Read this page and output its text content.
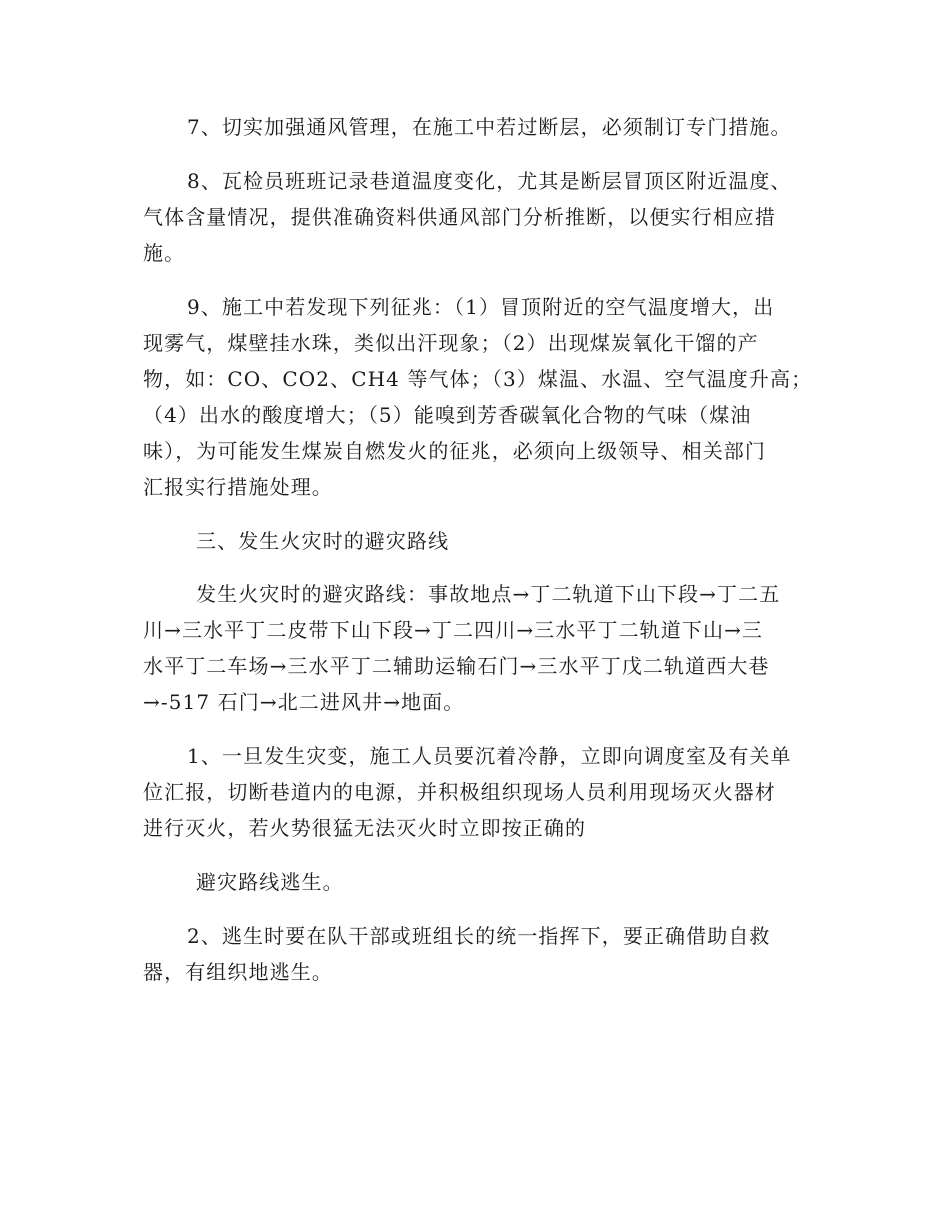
7、切实加强通风管理，在施工中若过断层，必须制订专门措施。
8、瓦检员班班记录巷道温度变化，尤其是断层冒顶区附近温度、
气体含量情况，提供准确资料供通风部门分析推断，以便实行相应措
施。
9、施工中若发现下列征兆：（1）冒顶附近的空气温度增大，出
现雾气，煤壁挂水珠，类似出汗现象；（2）出现煤炭氧化干馏的产
物，如：CO、CO2、CH4 等气体；（3）煤温、水温、空气温度升高；
（4）出水的酸度增大；（5）能嗅到芳香碳氧化合物的气味（煤油
味），为可能发生煤炭自燃发火的征兆，必须向上级领导、相关部门
汇报实行措施处理。
三、发生火灾时的避灾路线
发生火灾时的避灾路线：事故地点→丁二轨道下山下段→丁二五
川→三水平丁二皮带下山下段→丁二四川→三水平丁二轨道下山→三
水平丁二车场→三水平丁二辅助运输石门→三水平丁戊二轨道西大巷
→-517 石门→北二进风井→地面。
1、一旦发生灾变，施工人员要沉着冷静，立即向调度室及有关单
位汇报，切断巷道内的电源，并积极组织现场人员利用现场灭火器材
进行灭火，若火势很猛无法灭火时立即按正确的
避灾路线逃生。
2、逃生时要在队干部或班组长的统一指挥下，要正确借助自救
器，有组织地逃生。
